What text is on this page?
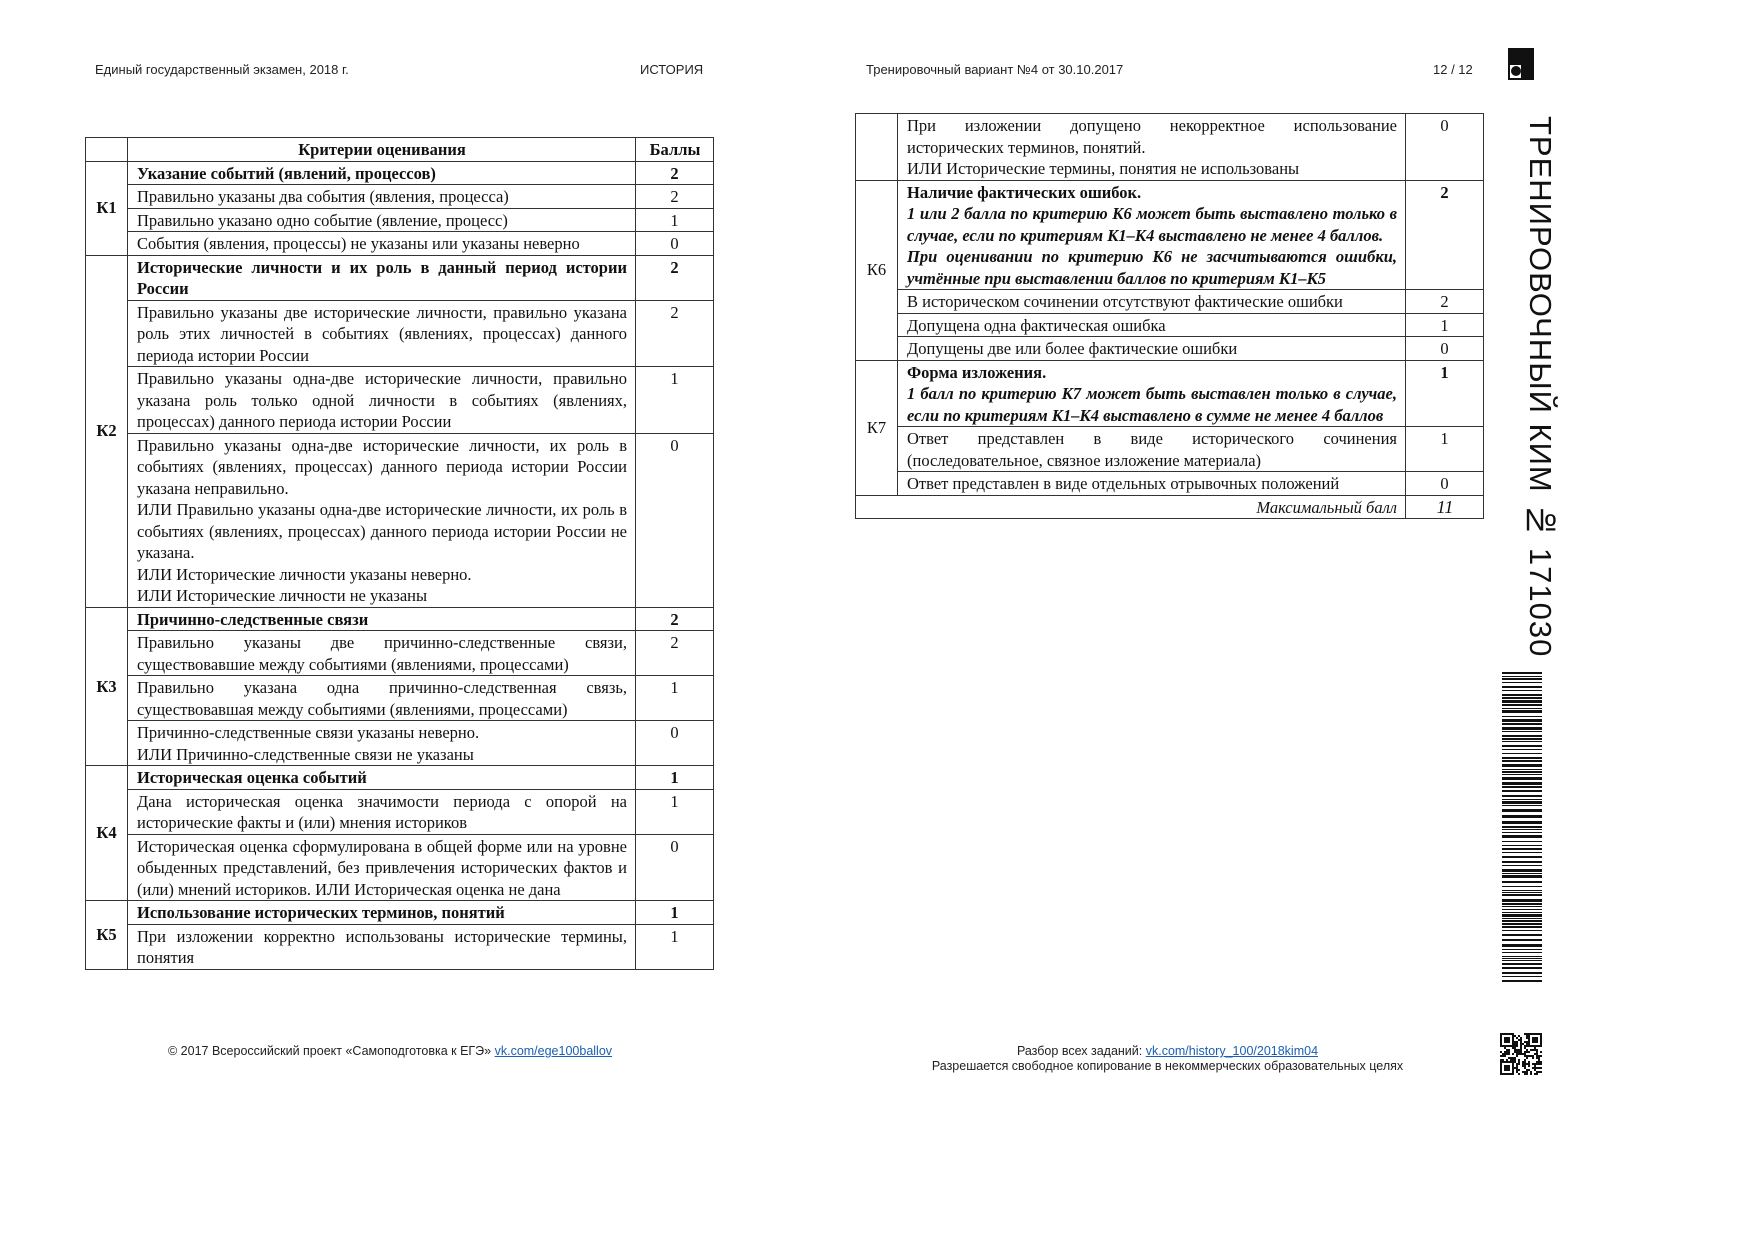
Единый государственный экзамен, 2018 г.	ИСТОРИЯ	Тренировочный вариант №4 от 30.10.2017	12 / 12
	Критерии оценивания	Баллы
К1	Указание событий (явлений, процессов)	2
	Правильно указаны два события (явления, процесса)	2
	Правильно указано одно событие (явление, процесс)	1
	События (явления, процессы) не указаны или указаны неверно	0
К2	Исторические личности и их роль в данный период истории России	2
	Правильно указаны две исторические личности, правильно указана роль этих личностей в событиях (явлениях, процессах) данного периода истории России	2
	Правильно указаны одна-две исторические личности, правильно указана роль только одной личности в событиях (явлениях, процессах) данного периода истории России	1

	Правильно указаны одна-две исторические личности, их роль в событиях (явлениях, процессах) данного периода истории России указана неправильно.
ИЛИ Правильно указаны одна-две исторические личности, их роль в событиях (явлениях, процессах) данного периода истории России не указана.
ИЛИ Исторические личности указаны неверно.
ИЛИ Исторические личности не указаны	0
К3	Причинно-следственные связи	2
	Правильно указаны две причинно-следственные связи, существовавшие между событиями (явлениями, процессами)	2
	Правильно указана одна причинно-следственная связь, существовавшая между событиями (явлениями, процессами)	1

	Причинно-следственные связи указаны неверно.
ИЛИ Причинно-следственные связи не указаны	0
К4	Историческая оценка событий	1
	Дана историческая оценка значимости периода с опорой на исторические факты и (или) мнения историков	1
	Историческая оценка сформулирована в общей форме или на уровне обыденных представлений, без привлечения исторических фактов и (или) мнений историков. ИЛИ Историческая оценка не дана	0
К5	Использование исторических терминов, понятий	1
	При изложении корректно использованы исторические термины, понятия	1

	При изложении допущено некорректное использование исторических терминов, понятий.
ИЛИ Исторические термины, понятия не использованы	0
К6	Наличие фактических ошибок.
1 или 2 балла по критерию К6 может быть выставлено только в случае, если по критериям К1–К4 выставлено не менее 4 баллов.
При оценивании по критерию К6 не засчитываются ошибки, учтённые при выставлении баллов по критериям К1–К5	2
	В историческом сочинении отсутствуют фактические ошибки	2
	Допущена одна фактическая ошибка	1
	Допущены две или более фактические ошибки	0
К7	Форма изложения.
1 балл по критерию К7 может быть выставлен только в случае, если по критериям К1–К4 выставлено в сумме не менее 4 баллов	1
	Ответ представлен в виде исторического сочинения (последовательное, связное изложение материала)	1
	Ответ представлен в виде отдельных отрывочных положений	0
Максимальный балл		11 ТРЕНИРОВОЧНЫЙ КИМ № 171030
© 2017 Всероссийский проект «Самоподготовка к ЕГЭ» vk.com/ege100ballov	Разбор всех заданий: vk.com/history_100/2018kim04
Разрешается свободное копирование в некоммерческих образовательных целях
